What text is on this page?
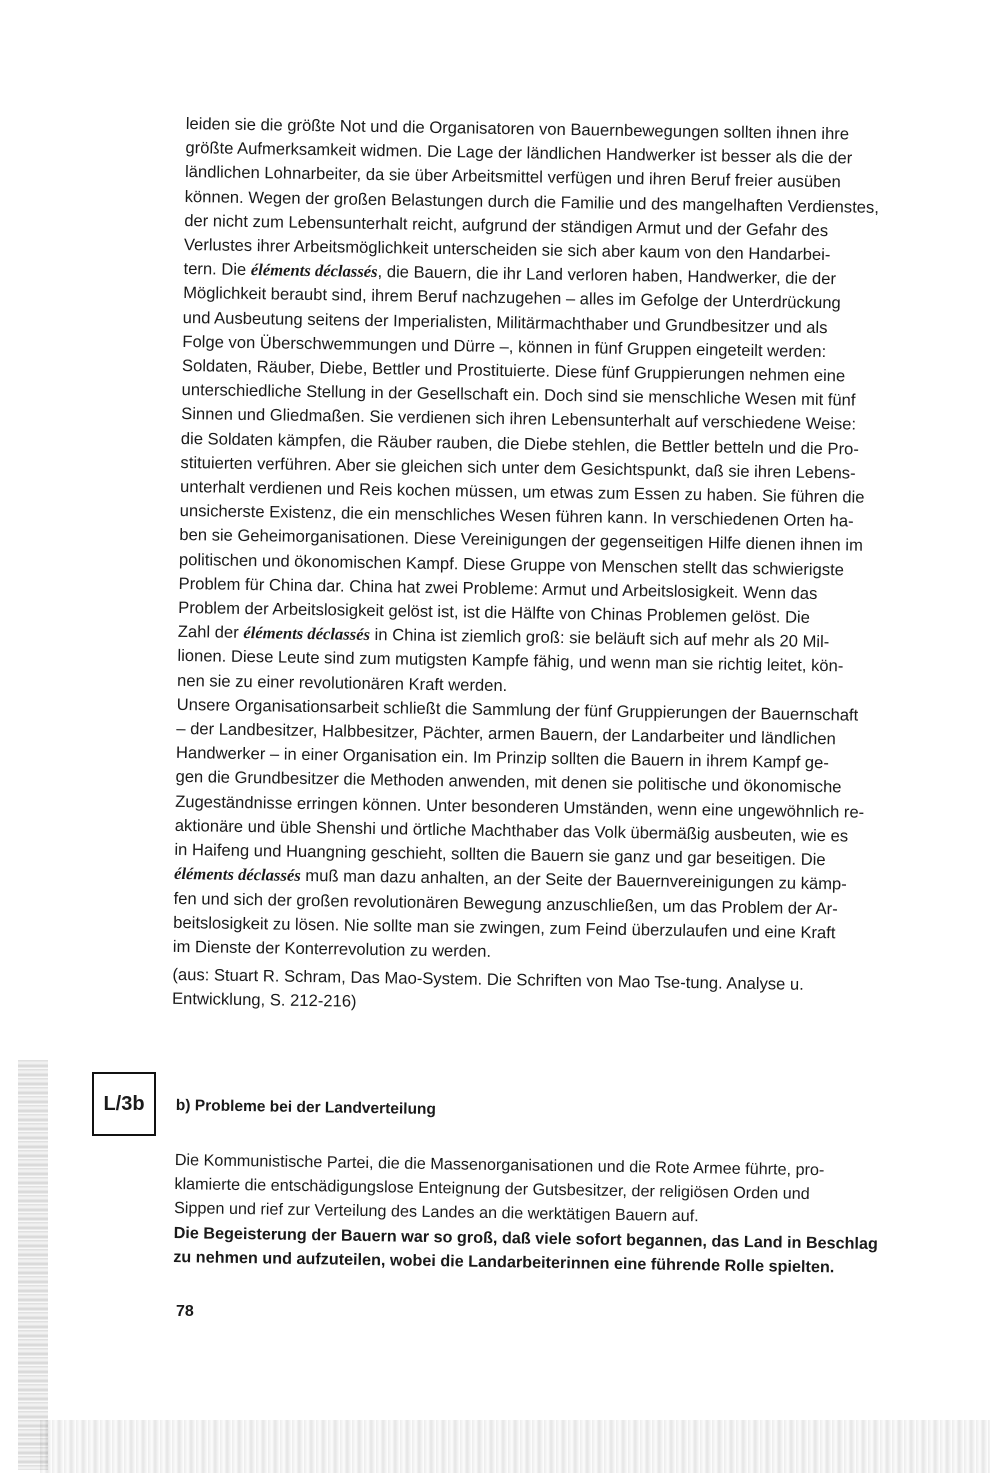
leiden sie die größte Not und die Organisatoren von Bauernbewegungen sollten ihnen ihre
größte Aufmerksamkeit widmen. Die Lage der ländlichen Handwerker ist besser als die der
ländlichen Lohnarbeiter, da sie über Arbeitsmittel verfügen und ihren Beruf freier ausüben
können. Wegen der großen Belastungen durch die Familie und des mangelhaften Verdienstes,
der nicht zum Lebensunterhalt reicht, aufgrund der ständigen Armut und der Gefahr des
Verlustes ihrer Arbeitsmöglichkeit unterscheiden sie sich aber kaum von den Handarbei-
tern. Die éléments déclassés, die Bauern, die ihr Land verloren haben, Handwerker, die der
Möglichkeit beraubt sind, ihrem Beruf nachzugehen – alles im Gefolge der Unterdrückung
und Ausbeutung seitens der Imperialisten, Militärmachthaber und Grundbesitzer und als
Folge von Überschwemmungen und Dürre –, können in fünf Gruppen eingeteilt werden:
Soldaten, Räuber, Diebe, Bettler und Prostituierte. Diese fünf Gruppierungen nehmen eine
unterschiedliche Stellung in der Gesellschaft ein. Doch sind sie menschliche Wesen mit fünf
Sinnen und Gliedmaßen. Sie verdienen sich ihren Lebensunterhalt auf verschiedene Weise:
die Soldaten kämpfen, die Räuber rauben, die Diebe stehlen, die Bettler betteln und die Pro-
stituierten verführen. Aber sie gleichen sich unter dem Gesichtspunkt, daß sie ihren Lebens-
unterhalt verdienen und Reis kochen müssen, um etwas zum Essen zu haben. Sie führen die
unsicherste Existenz, die ein menschliches Wesen führen kann. In verschiedenen Orten ha-
ben sie Geheimorganisationen. Diese Vereinigungen der gegenseitigen Hilfe dienen ihnen im
politischen und ökonomischen Kampf. Diese Gruppe von Menschen stellt das schwierigste
Problem für China dar. China hat zwei Probleme: Armut und Arbeitslosigkeit. Wenn das
Problem der Arbeitslosigkeit gelöst ist, ist die Hälfte von Chinas Problemen gelöst. Die
Zahl der éléments déclassés in China ist ziemlich groß: sie beläuft sich auf mehr als 20 Mil-
lionen. Diese Leute sind zum mutigsten Kampfe fähig, und wenn man sie richtig leitet, kön-
nen sie zu einer revolutionären Kraft werden.

Unsere Organisationsarbeit schließt die Sammlung der fünf Gruppierungen der Bauernschaft
– der Landbesitzer, Halbbesitzer, Pächter, armen Bauern, der Landarbeiter und ländlichen
Handwerker – in einer Organisation ein. Im Prinzip sollten die Bauern in ihrem Kampf ge-
gen die Grundbesitzer die Methoden anwenden, mit denen sie politische und ökonomische
Zugeständnisse erringen können. Unter besonderen Umständen, wenn eine ungewöhnlich re-
aktionäre und üble Shenshi und örtliche Machthaber das Volk übermäßig ausbeuten, wie es
in Haifeng und Huangning geschieht, sollten die Bauern sie ganz und gar beseitigen. Die
éléments déclassés muß man dazu anhalten, an der Seite der Bauernvereinigungen zu kämp-
fen und sich der großen revolutionären Bewegung anzuschließen, um das Problem der Ar-
beitslosigkeit zu lösen. Nie sollte man sie zwingen, zum Feind überzulaufen und eine Kraft
im Dienste der Konterrevolution zu werden.

(aus: Stuart R. Schram, Das Mao-System. Die Schriften von Mao Tse-tung. Analyse u.
Entwicklung, S. 212-216)

L/3b b) Probleme bei der Landverteilung

Die Kommunistische Partei, die die Massenorganisationen und die Rote Armee führte, pro-
klamierte die entschädigungslose Enteignung der Gutsbesitzer, der religiösen Orden und
Sippen und rief zur Verteilung des Landes an die werktätigen Bauern auf.

Die Begeisterung der Bauern war so groß, daß viele sofort begannen, das Land in Beschlag
zu nehmen und aufzuteilen, wobei die Landarbeiterinnen eine führende Rolle spielten.

78
